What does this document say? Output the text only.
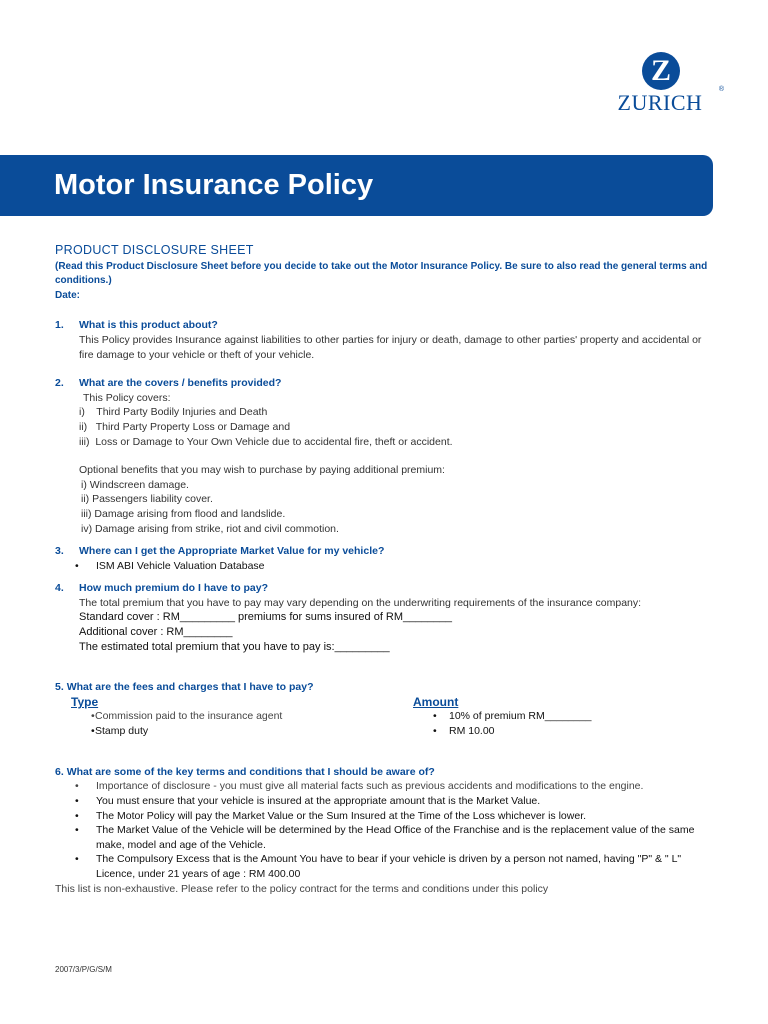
Z
ZURICH
®
Motor Insurance Policy
PRODUCT DISCLOSURE SHEET
(Read this Product Disclosure Sheet before you decide to take out the Motor Insurance Policy. Be sure to also read the general terms and conditions.)
Date:
1. What is this product about?
This Policy provides Insurance against liabilities to other parties for injury or death, damage to other parties' property and accidental or fire damage to your vehicle or theft of your vehicle.
2. What are the covers / benefits provided?
This Policy covers:
i)    Third Party Bodily Injuries and Death
ii)   Third Party Property Loss or Damage and
iii)  Loss or Damage to Your Own Vehicle due to accidental fire, theft or accident.
Optional benefits that you may wish to purchase by paying additional premium:
i) Windscreen damage.
ii) Passengers liability cover.
iii) Damage arising from flood and landslide.
iv) Damage arising from strike, riot and civil commotion.
3. Where can I get the Appropriate Market Value for my vehicle?
• ISM ABI Vehicle Valuation Database
4. How much premium do I have to pay?
The total premium that you have to pay may vary depending on the underwriting requirements of the insurance company:
Standard cover : RM_________ premiums for sums insured of RM________
Additional cover : RM________
The estimated total premium that you have to pay is:_________
5. What are the fees and charges that I have to pay?
Type
• Commission paid to the insurance agent
• Stamp duty
Amount
• 10% of premium RM________
• RM 10.00
6. What are some of the key terms and conditions that I should be aware of?
• Importance of disclosure - you must give all material facts such as previous accidents and modifications to the engine.
• You must ensure that your vehicle is insured at the appropriate amount that is the Market Value.
• The Motor Policy will pay the Market Value or the Sum Insured at the Time of the Loss whichever is lower.
• The Market Value of the Vehicle will be determined by the Head Office of the Franchise and is the replacement value of the same make, model and age of the Vehicle.
• The Compulsory Excess that is the Amount You have to bear if your vehicle is driven by a person not named, having "P" & " L" Licence, under 21 years of age : RM 400.00
This list is non-exhaustive. Please refer to the policy contract for the terms and conditions under this policy
2007/3/P/G/S/M
